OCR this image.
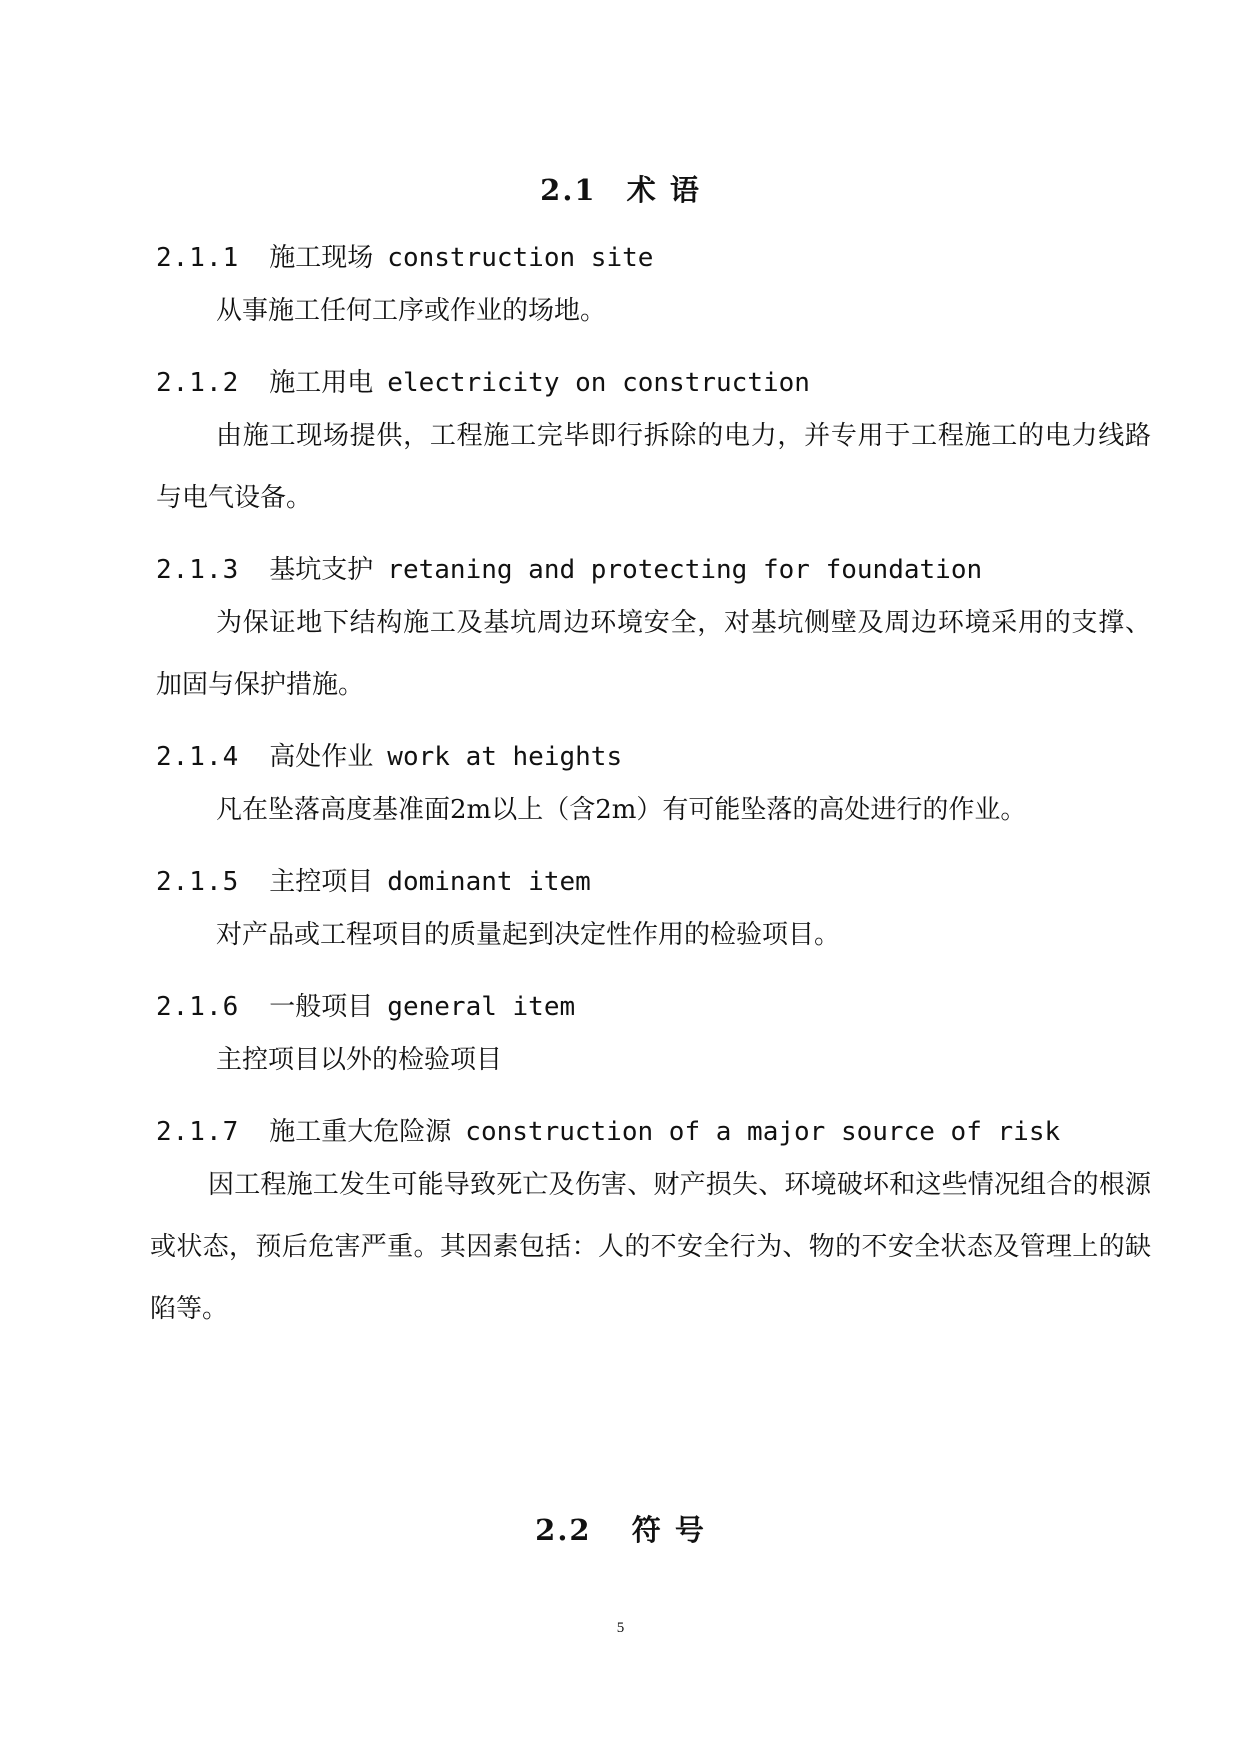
2.1 术 语
2.1.1 施工现场 construction site
从事施工任何工序或作业的场地。
2.1.2 施工用电 electricity on construction
由施工现场提供，工程施工完毕即行拆除的电力，并专用于工程施工的电力线路与电气设备。
2.1.3 基坑支护 retaning and protecting for foundation
为保证地下结构施工及基坑周边环境安全，对基坑侧壁及周边环境采用的支撑、加固与保护措施。
2.1.4 高处作业 work at heights
凡在坠落高度基准面2m以上（含2m）有可能坠落的高处进行的作业。
2.1.5 主控项目 dominant item
对产品或工程项目的质量起到决定性作用的检验项目。
2.1.6 一般项目 general item
主控项目以外的检验项目
2.1.7 施工重大危险源 construction of a major source of risk
因工程施工发生可能导致死亡及伤害、财产损失、环境破坏和这些情况组合的根源或状态，预后危害严重。其因素包括：人的不安全行为、物的不安全状态及管理上的缺陷等。
2.2 符 号
5
